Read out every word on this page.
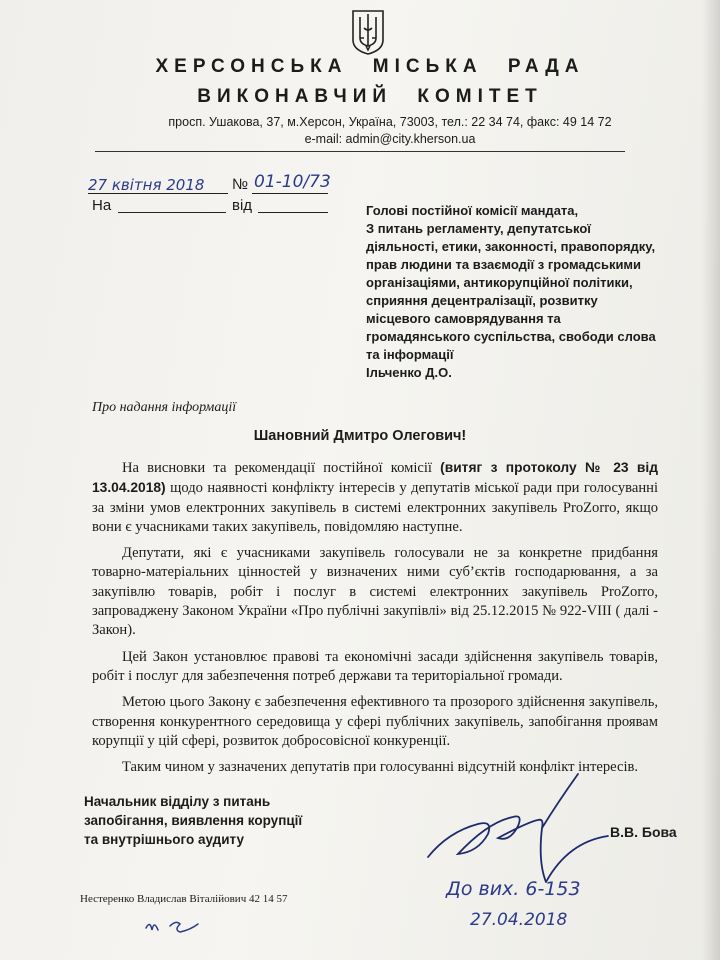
ХЕРСОНСЬКА МІСЬКА РАДА
ВИКОНАВЧИЙ КОМІТЕТ
просп. Ушакова, 37, м.Херсон, Україна, 73003, тел.: 22 34 74, факс: 49 14 72
e-mail: admin@city.kherson.ua
27 квітня 2018 № 01-10/73
На	від	Голові постійної комісії мандата,
З питань регламенту, депутатської
діяльності, етики, законності, правопорядку,
прав людини та взаємодії з громадськими
організаціями, антикорупційної політики,
сприяння децентралізації, розвитку
місцевого самоврядування та
громадянського суспільства, свободи слова
та інформації
Ільченко Д.О.
Про надання інформації
Шановний Дмитро Олегович!

На висновки та рекомендації постійної комісії (витяг з протоколу № 23 від 13.04.2018) щодо наявності конфлікту інтересів у депутатів міської ради при голосуванні за зміни умов електронних закупівель в системі електронних закупівель ProZorro, якщо вони є учасниками таких закупівель, повідомляю наступне.

Депутати, які є учасниками закупівель голосували не за конкретне придбання товарно-матеріальних цінностей у визначених ними суб’єктів господарювання, а за закупівлю товарів, робіт і послуг в системі електронних закупівель ProZorro, запроваджену Законом України «Про публічні закупівлі» від 25.12.2015 № 922-VIII ( далі - Закон).

Цей Закон установлює правові та економічні засади здійснення закупівель товарів, робіт і послуг для забезпечення потреб держави та територіальної громади.

Метою цього Закону є забезпечення ефективного та прозорого здійснення закупівель, створення конкурентного середовища у сфері публічних закупівель, запобігання проявам корупції у цій сфері, розвиток добросовісної конкуренції.

Таким чином у зазначених депутатів при голосуванні відсутній конфлікт інтересів.

Начальник відділу з питань
запобігання, виявлення корупції
та внутрішнього аудиту	В.В. Бова
Нестеренко Владислав Віталійович 42 14 57	До вих. 6-153
27.04.2018
